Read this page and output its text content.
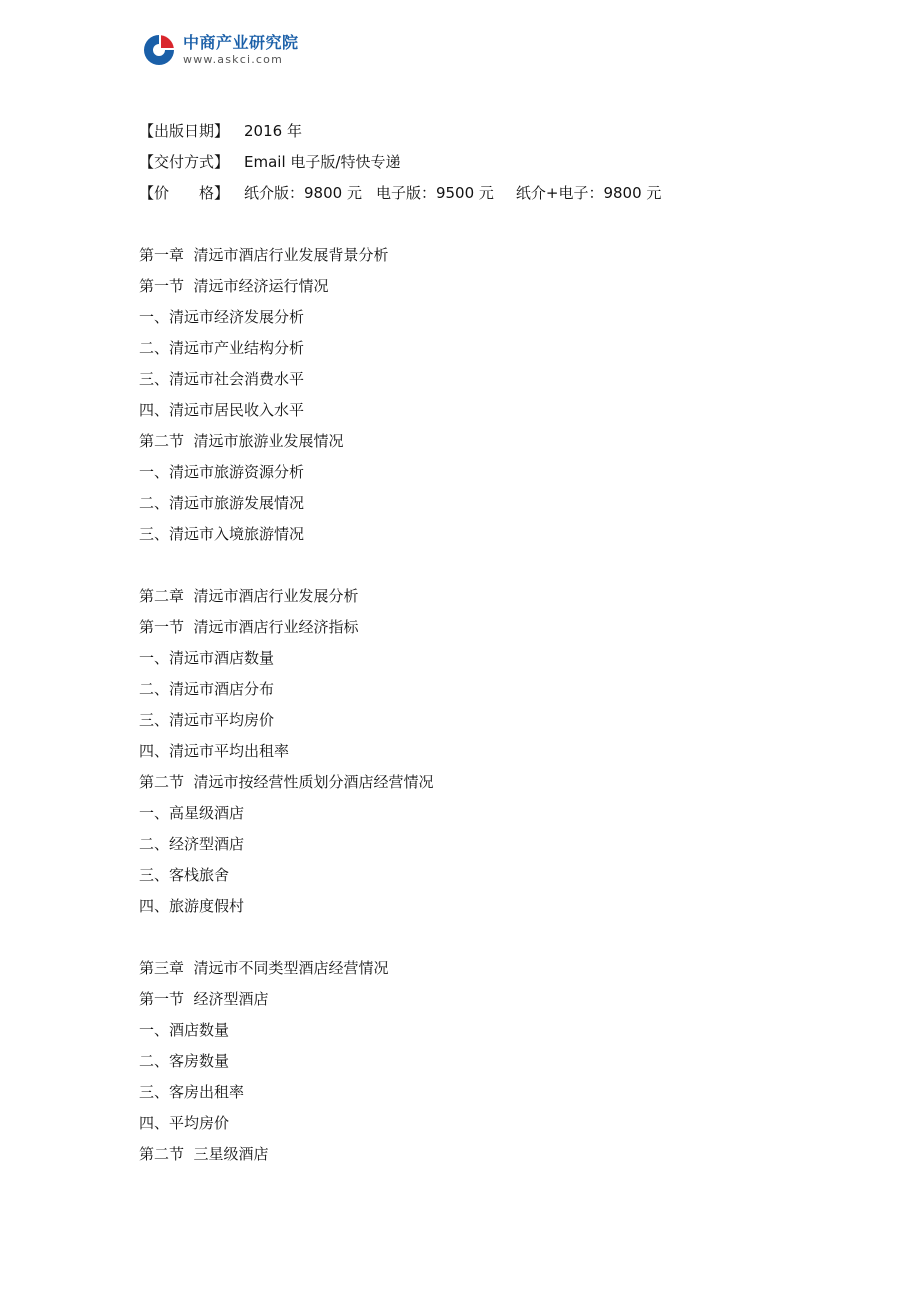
中商产业研究院
www.askci.com
【出版日期】 2016 年
【交付方式】 Email 电子版/特快专递
【价　　格】 纸介版：9800 元 电子版：9500 元 纸介+电子：9800 元
第一章  清远市酒店行业发展背景分析
第一节  清远市经济运行情况
一、清远市经济发展分析
二、清远市产业结构分析
三、清远市社会消费水平
四、清远市居民收入水平
第二节  清远市旅游业发展情况
一、清远市旅游资源分析
二、清远市旅游发展情况
三、清远市入境旅游情况
第二章  清远市酒店行业发展分析
第一节  清远市酒店行业经济指标
一、清远市酒店数量
二、清远市酒店分布
三、清远市平均房价
四、清远市平均出租率
第二节  清远市按经营性质划分酒店经营情况
一、高星级酒店
二、经济型酒店
三、客栈旅舍
四、旅游度假村
第三章  清远市不同类型酒店经营情况
第一节  经济型酒店
一、酒店数量
二、客房数量
三、客房出租率
四、平均房价
第二节  三星级酒店
